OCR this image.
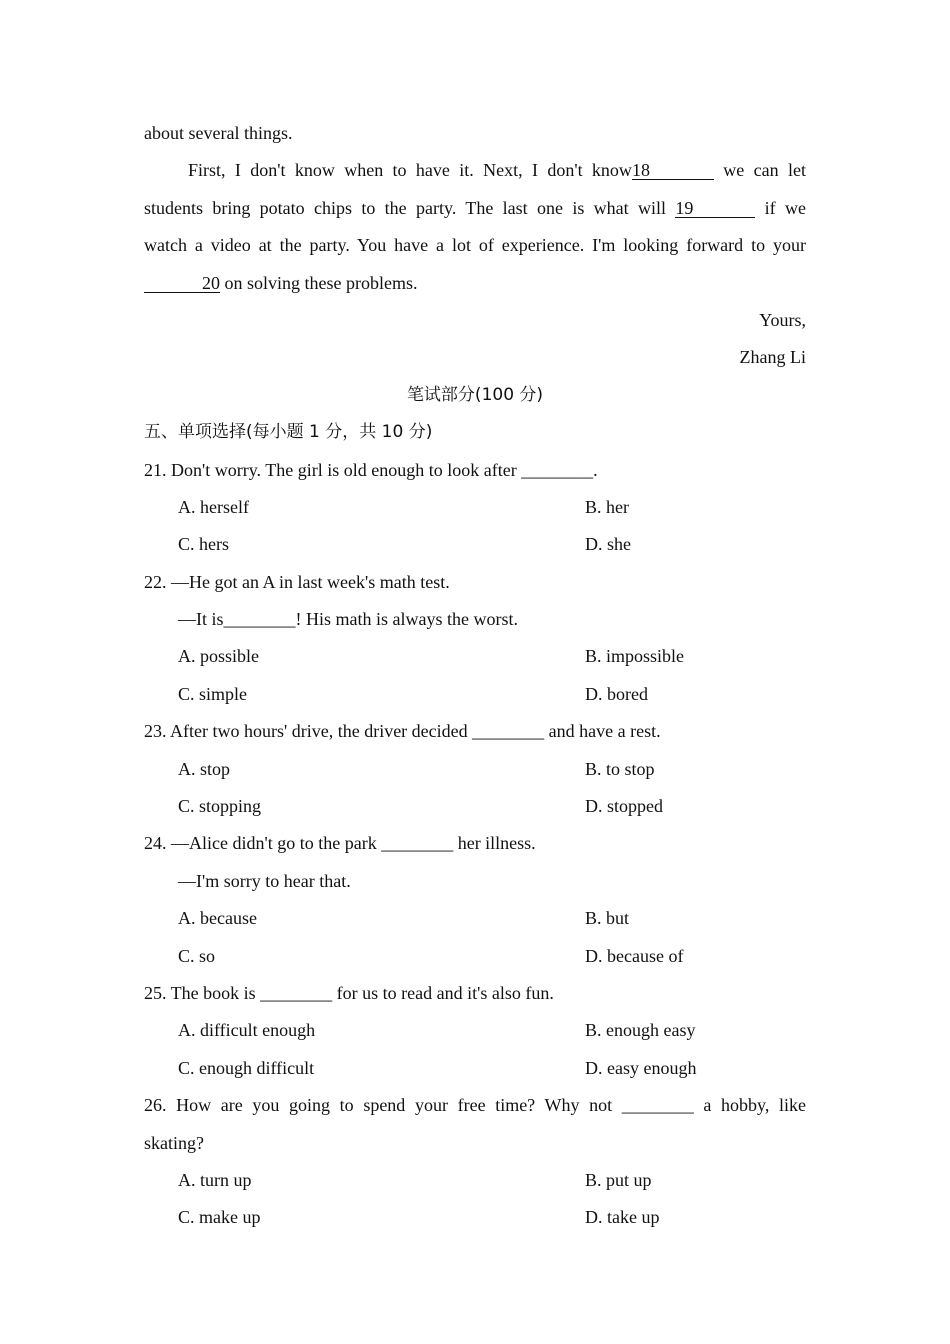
about several things.
First, I don't know when to have it. Next, I don't know18	we can let
students bring potato chips to the party. The last one is what will 19	if we
watch a video at the party. You have a lot of experience. I'm looking forward to your
20 on solving these problems.
Yours,
Zhang Li
笔试部分(100 分)
五、单项选择(每小题 1 分，共 10 分)
21. Don't worry. The girl is old enough to look after ________.
A. herself	B. her
C. hers	D. she
22. —He got an A in last week's math test.
—It is________! His math is always the worst.
A. possible	B. impossible
C. simple	D. bored
23. After two hours' drive, the driver decided ________ and have a rest.
A. stop	B. to stop
C. stopping	D. stopped
24. —Alice didn't go to the park ________ her illness.
—I'm sorry to hear that.
A. because	B. but
C. so	D. because of
25. The book is ________ for us to read and it's also fun.
A. difficult enough	B. enough easy
C. enough difficult	D. easy enough
26. How are you going to spend your free time? Why not ________ a hobby, like
skating?
A. turn up	B. put up
C. make up	D. take up
